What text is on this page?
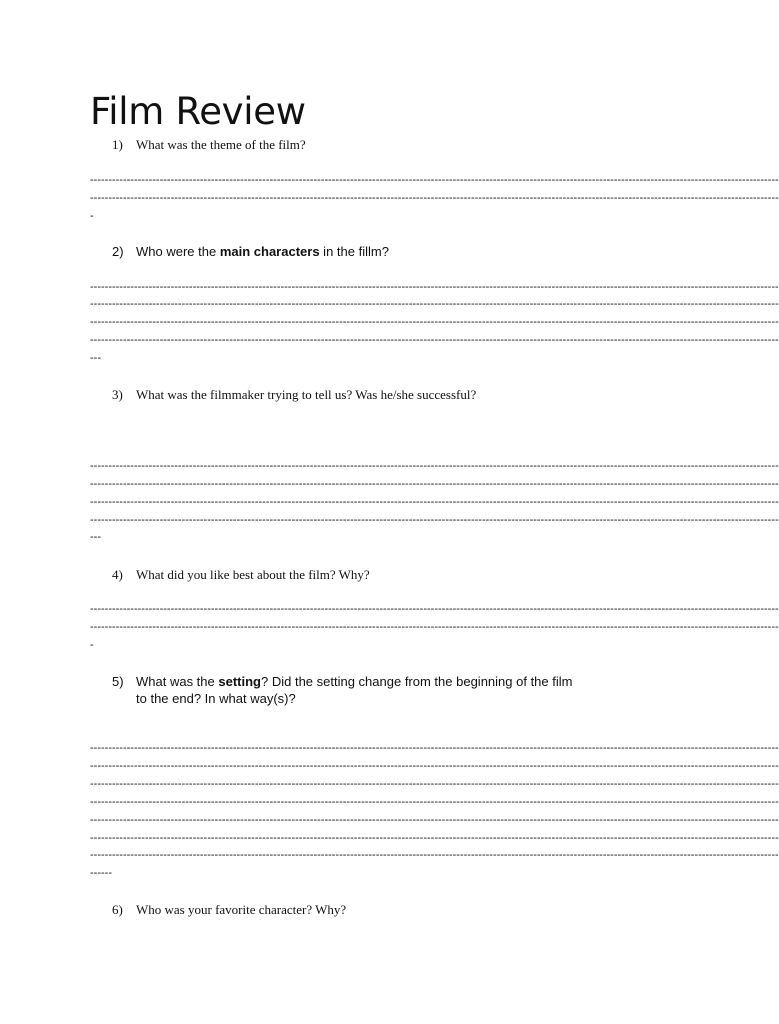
Film Review
1) What was the theme of the film?
--------------------------------------------------------------------------------------------------------------------------------------------------------------------------------------------
--------------------------------------------------------------------------------------------------------------------------------------------------------------------------------------------
-
2) Who were the main characters in the fillm?
--------------------------------------------------------------------------------------------------------------------------------------------------------------------------------------------
--------------------------------------------------------------------------------------------------------------------------------------------------------------------------------------------
--------------------------------------------------------------------------------------------------------------------------------------------------------------------------------------------
--------------------------------------------------------------------------------------------------------------------------------------------------------------------------------------------
---
3) What was the filmmaker trying to tell us? Was he/she successful?
--------------------------------------------------------------------------------------------------------------------------------------------------------------------------------------------
--------------------------------------------------------------------------------------------------------------------------------------------------------------------------------------------
--------------------------------------------------------------------------------------------------------------------------------------------------------------------------------------------
--------------------------------------------------------------------------------------------------------------------------------------------------------------------------------------------
---
4) What did you like best about the film? Why?
--------------------------------------------------------------------------------------------------------------------------------------------------------------------------------------------
--------------------------------------------------------------------------------------------------------------------------------------------------------------------------------------------
-
5) What was the setting? Did the setting change from the beginning of the film
to the end? In what way(s)?
--------------------------------------------------------------------------------------------------------------------------------------------------------------------------------------------
--------------------------------------------------------------------------------------------------------------------------------------------------------------------------------------------
--------------------------------------------------------------------------------------------------------------------------------------------------------------------------------------------
--------------------------------------------------------------------------------------------------------------------------------------------------------------------------------------------
--------------------------------------------------------------------------------------------------------------------------------------------------------------------------------------------
--------------------------------------------------------------------------------------------------------------------------------------------------------------------------------------------
--------------------------------------------------------------------------------------------------------------------------------------------------------------------------------------------
------
6) Who was your favorite character? Why?
